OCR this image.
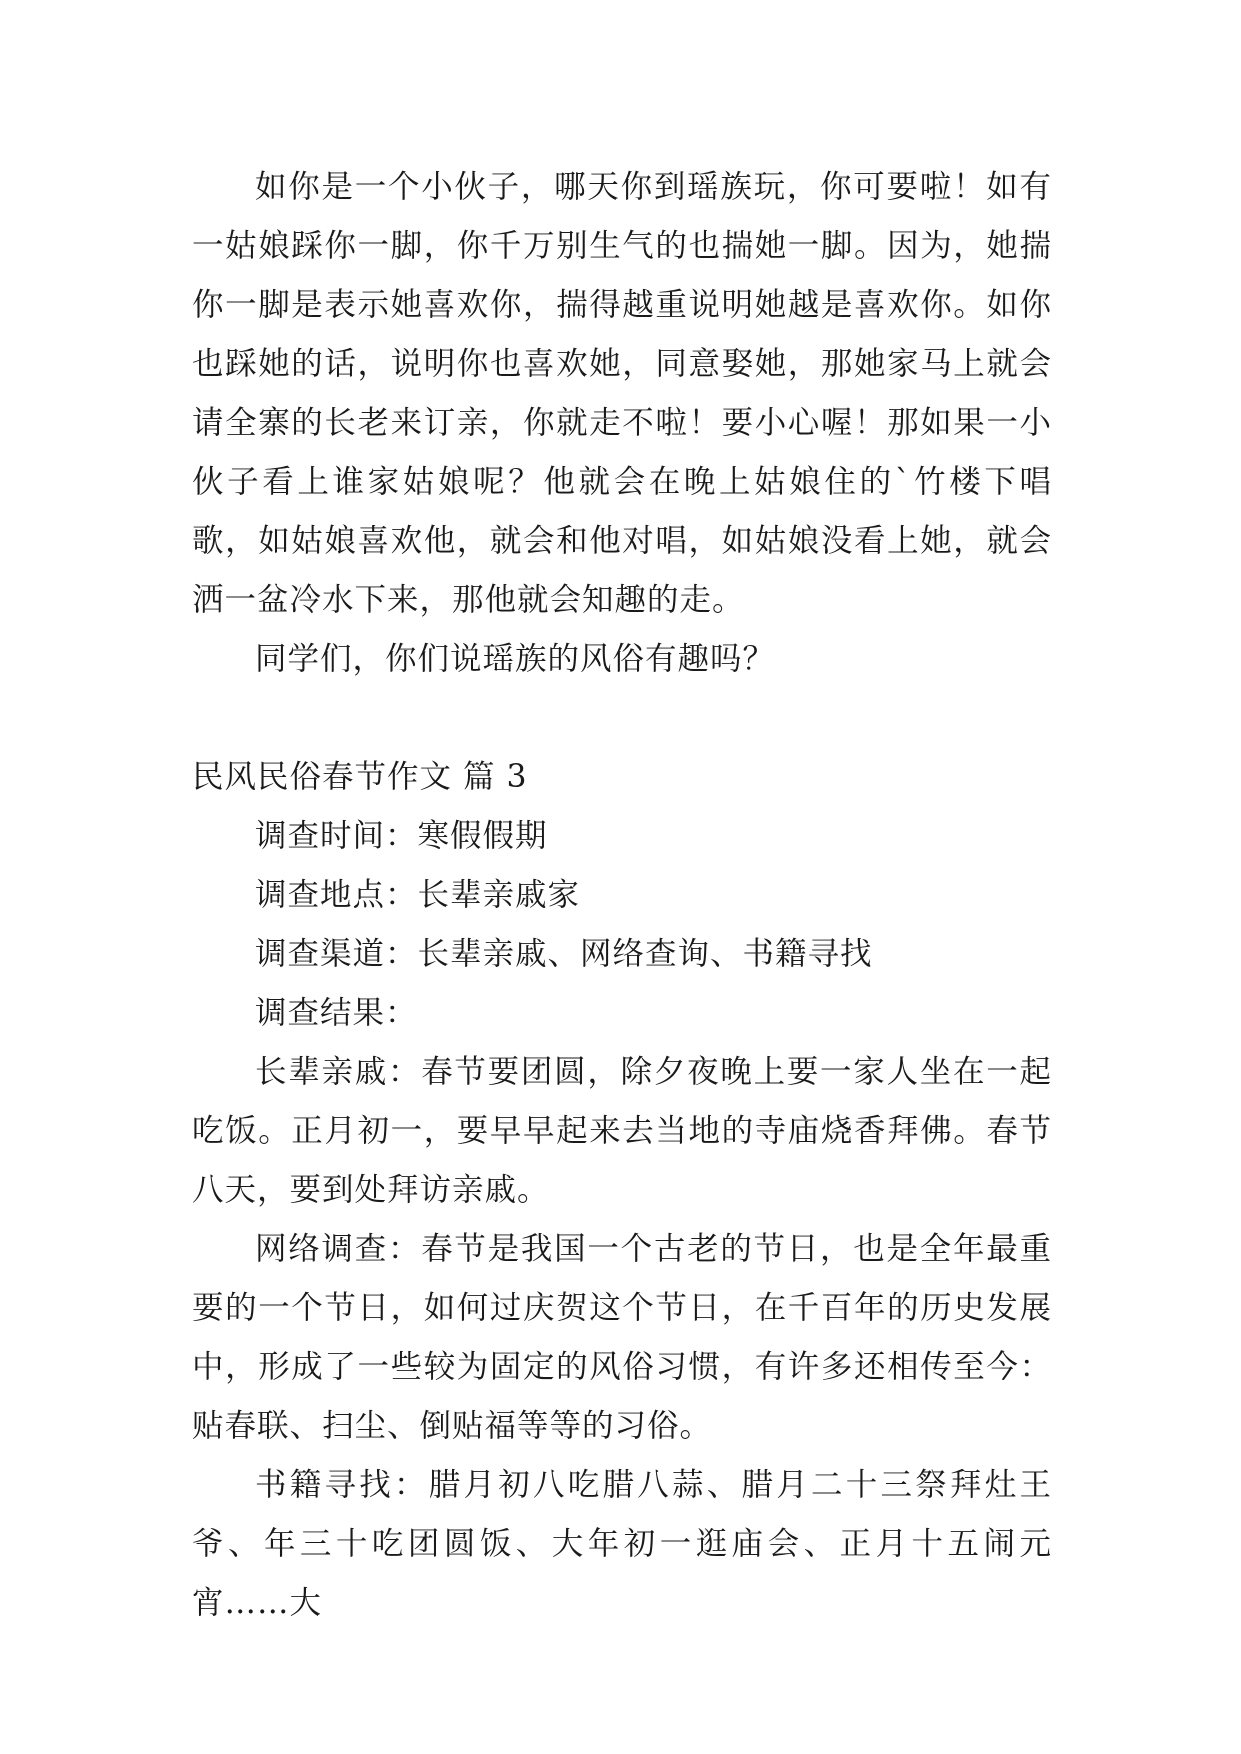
如你是一个小伙子，哪天你到瑶族玩，你可要啦！如有一姑娘踩你一脚，你千万别生气的也揣她一脚。因为，她揣你一脚是表示她喜欢你，揣得越重说明她越是喜欢你。如你也踩她的话，说明你也喜欢她，同意娶她，那她家马上就会请全寨的长老来订亲，你就走不啦！要小心喔！那如果一小伙子看上谁家姑娘呢？他就会在晚上姑娘住的`竹楼下唱歌，如姑娘喜欢他，就会和他对唱，如姑娘没看上她，就会洒一盆冷水下来，那他就会知趣的走。

同学们，你们说瑶族的风俗有趣吗？

民风民俗春节作文 篇 3

调查时间：寒假假期

调查地点：长辈亲戚家

调查渠道：长辈亲戚、网络查询、书籍寻找

调查结果：

长辈亲戚：春节要团圆，除夕夜晚上要一家人坐在一起吃饭。正月初一，要早早起来去当地的寺庙烧香拜佛。春节八天，要到处拜访亲戚。

网络调查：春节是我国一个古老的节日，也是全年最重要的一个节日，如何过庆贺这个节日，在千百年的历史发展中，形成了一些较为固定的风俗习惯，有许多还相传至今：贴春联、扫尘、倒贴福等等的习俗。

书籍寻找：腊月初八吃腊八蒜、腊月二十三祭拜灶王爷、年三十吃团圆饭、大年初一逛庙会、正月十五闹元宵……大
